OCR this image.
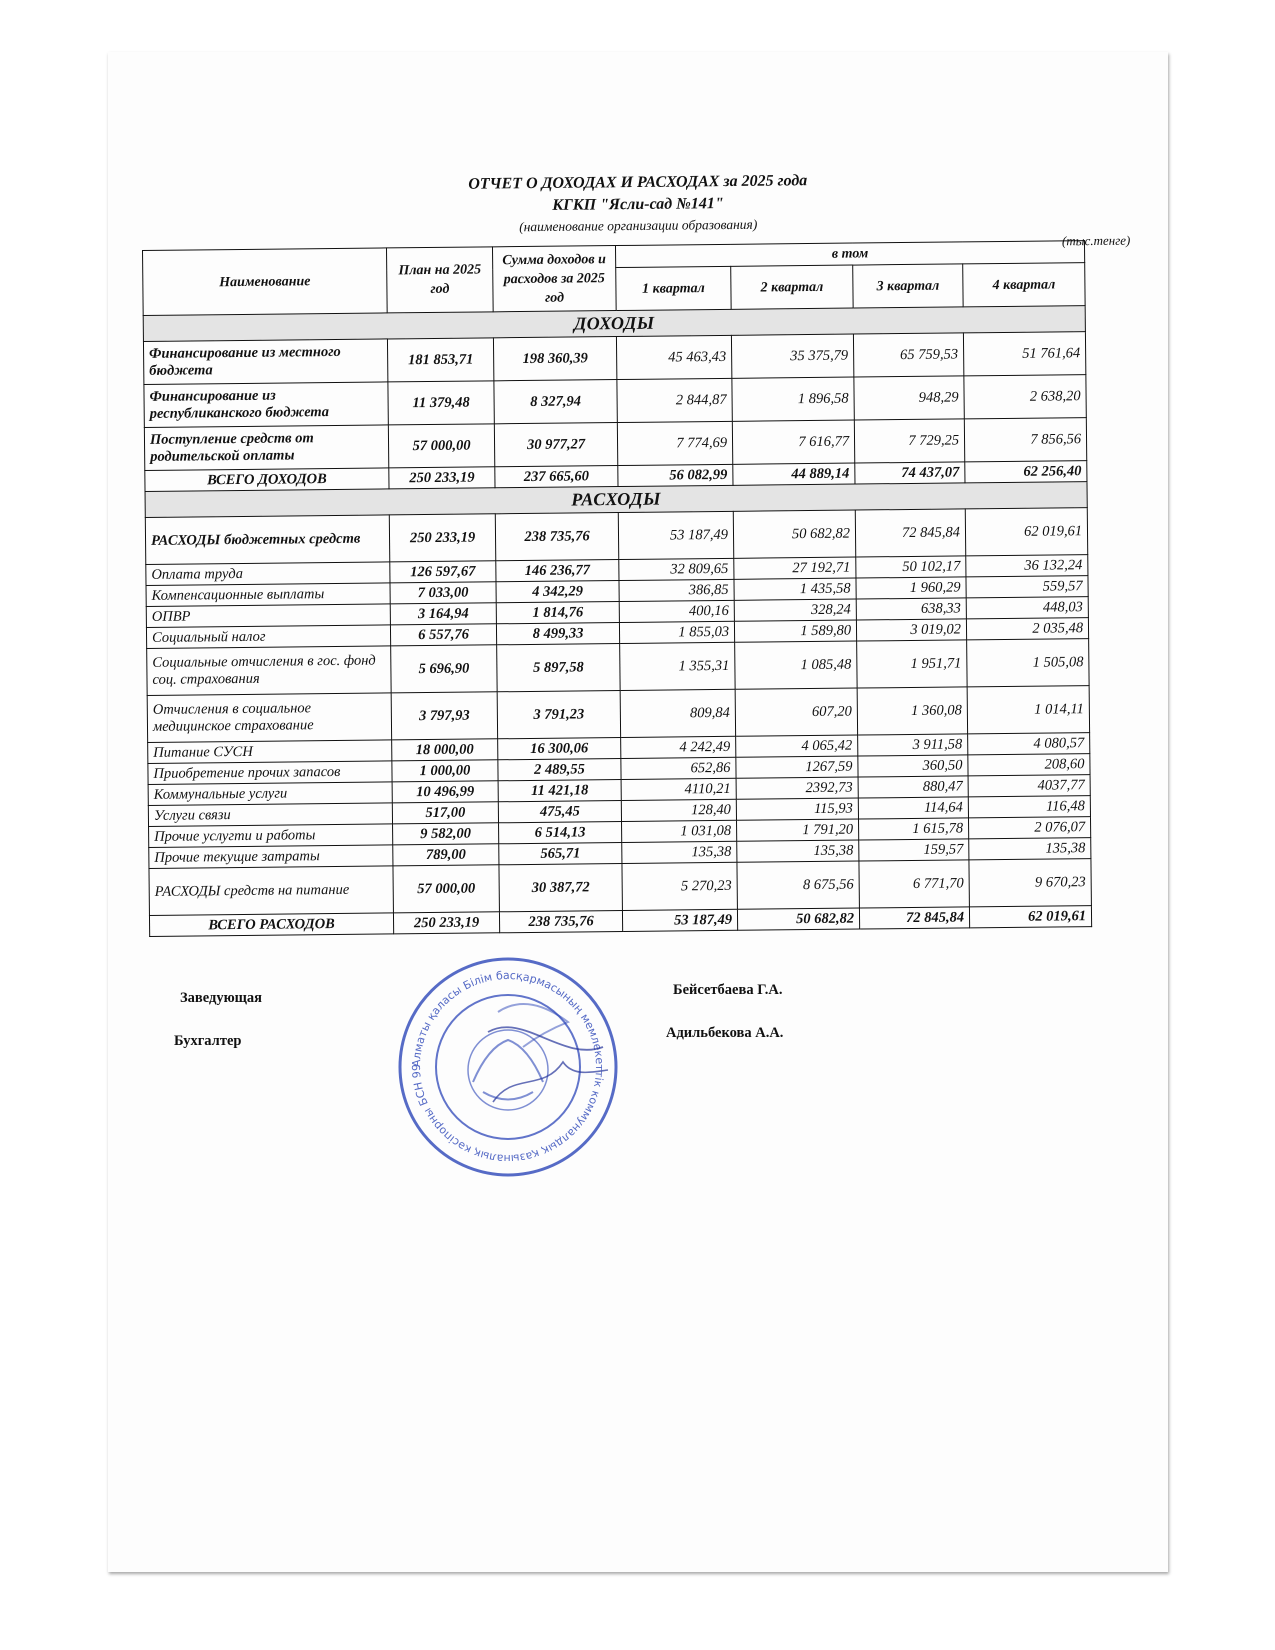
ОТЧЕТ О ДОХОДАХ И РАСХОДАХ за 2025 года
КГКП "Ясли-сад №141"
(наименование организации образования)
(тыс.тенге)
Наименование	План на 2025 год	Сумма доходов и расходов за 2025 год	в том			
			1 квартал	2 квартал	3 квартал	4 квартал
ДОХОДЫ						
Финансирование из местного бюджета	181 853,71	198 360,39	45 463,43	35 375,79	65 759,53	51 761,64
Финансирование из республиканского бюджета	11 379,48	8 327,94	2 844,87	1 896,58	948,29	2 638,20
Поступление средств от родительской оплаты	57 000,00	30 977,27	7 774,69	7 616,77	7 729,25	7 856,56
ВСЕГО ДОХОДОВ	250 233,19	237 665,60	56 082,99	44 889,14	74 437,07	62 256,40
РАСХОДЫ						
РАСХОДЫ бюджетных средств	250 233,19	238 735,76	53 187,49	50 682,82	72 845,84	62 019,61
Оплата труда	126 597,67	146 236,77	32 809,65	27 192,71	50 102,17	36 132,24
Компенсационные выплаты	7 033,00	4 342,29	386,85	1 435,58	1 960,29	559,57
ОПВР	3 164,94	1 814,76	400,16	328,24	638,33	448,03
Социальный налог	6 557,76	8 499,33	1 855,03	1 589,80	3 019,02	2 035,48
Социальные отчисления в гос. фонд соц. страхования	5 696,90	5 897,58	1 355,31	1 085,48	1 951,71	1 505,08
Отчисления в социальное медицинское страхование	3 797,93	3 791,23	809,84	607,20	1 360,08	1 014,11
Питание СУСН	18 000,00	16 300,06	4 242,49	4 065,42	3 911,58	4 080,57
Приобретение прочих запасов	1 000,00	2 489,55	652,86	1267,59	360,50	208,60
Коммунальные услуги	10 496,99	11 421,18	4110,21	2392,73	880,47	4037,77
Услуги связи	517,00	475,45	128,40	115,93	114,64	116,48
Прочие услугти и работы	9 582,00	6 514,13	1 031,08	1 791,20	1 615,78	2 076,07
Прочие текущие затраты	789,00	565,71	135,38	135,38	159,57	135,38
РАСХОДЫ средств на питание	57 000,00	30 387,72	5 270,23	8 675,56	6 771,70	9 670,23
ВСЕГО РАСХОДОВ	250 233,19	238 735,76	53 187,49	50 682,82	72 845,84	62 019,61
Заведующая	Бейсетбаева Г.А.
Бухгалтер	Адильбекова А.А.
Алматы қаласы Білім басқармасының мемлекеттік коммуналдық қазыналық кәсіпорны БСН 99
